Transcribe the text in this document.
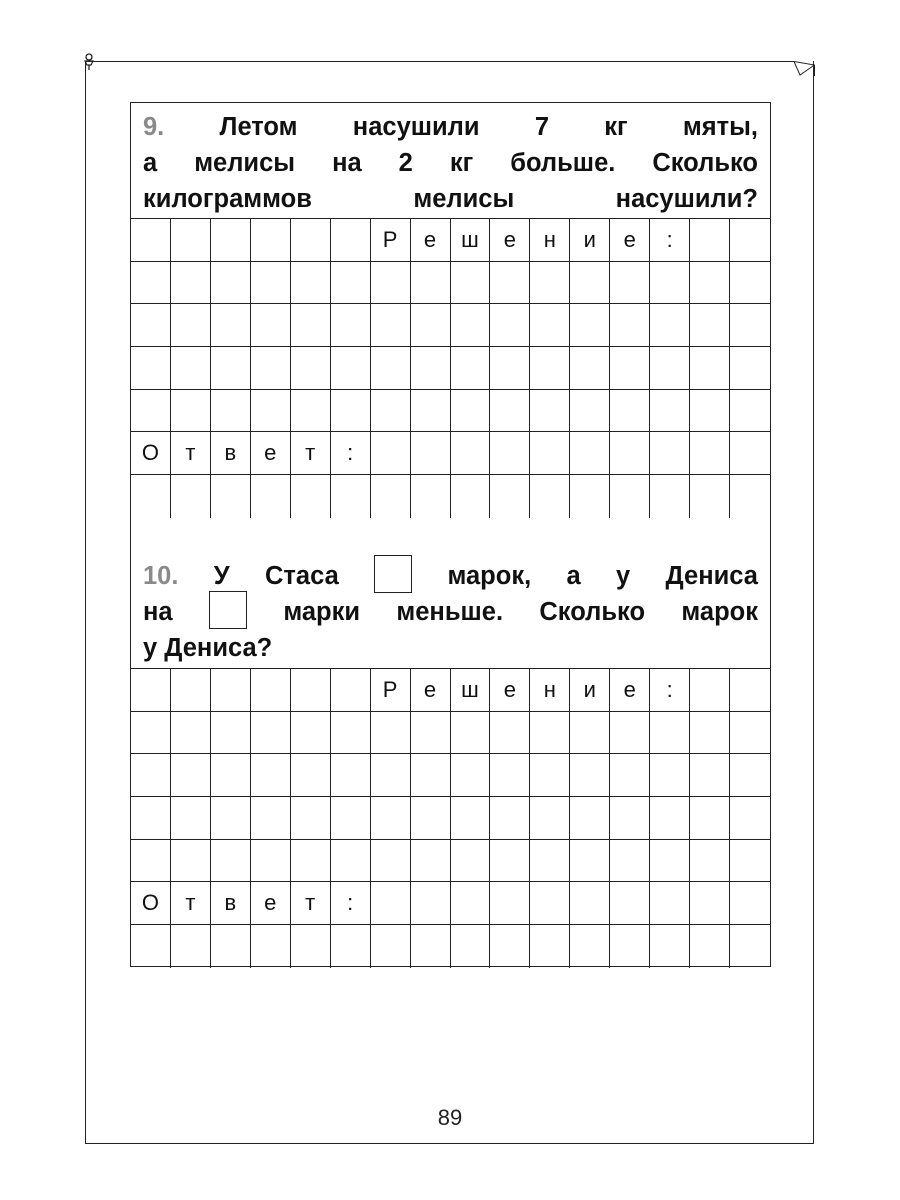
9. Летом насушили 7 кг мяты,
а мелисы на 2 кг больше. Сколько
килограммов мелисы насушили?
Р	е	ш	е	н	и	е	:
О	т	в	е	т	:
10. У Стаса	марок, а у Дениса
на	марки меньше. Сколько марок
у Дениса?
Р	е	ш	е	н	и	е	:
О	т	в	е	т	:
89
